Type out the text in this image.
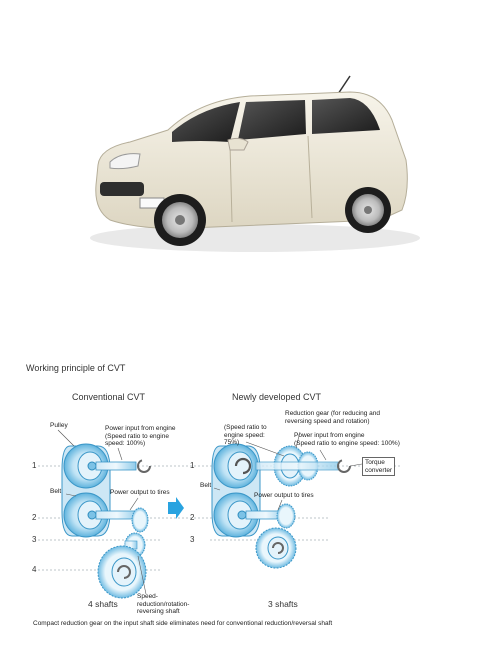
Working principle of CVT
Conventional CVT	Newly developed CVT
1
2
3
4
1
2
3
Pulley	Power input from engine
(Speed ratio to engine
speed: 100%)
Belt	Power output to tires
Speed-
reduction/rotation-
reversing shaft
4 shafts
Reduction gear (for reducing and
reversing speed and rotation)
(Speed ratio to
engine speed:
75%)
Power input from engine
(Speed ratio to engine speed: 100%)
Torque
converter
Belt
Power output to tires
3 shafts
Compact reduction gear on the input shaft side eliminates need for conventional reduction/reversal shaft
